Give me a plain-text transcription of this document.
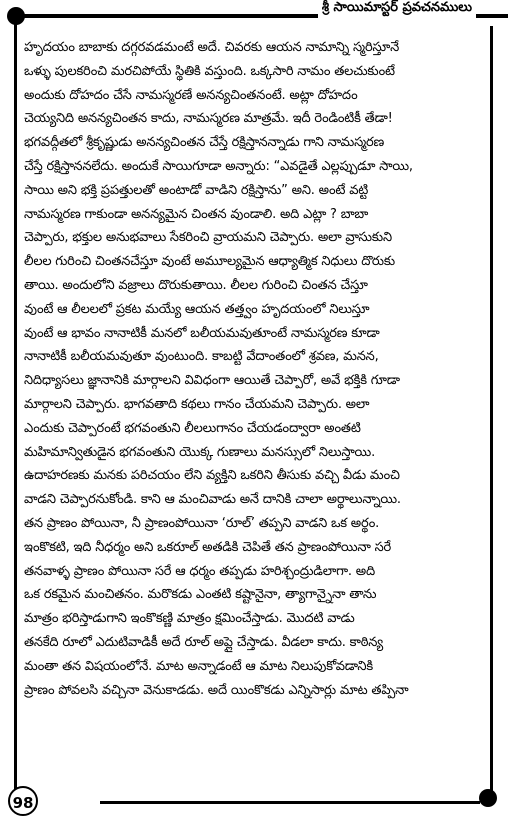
శ్రీ సాయిమాస్టర్ ప్రవచనములు
హృదయం బాబాకు దగ్గరవడమంటే అదే. చివరకు ఆయన నామాన్ని స్మరిస్తూనే
ఒళ్ళు పులకరించి మరచిపోయే స్థితికి వస్తుంది. ఒక్కసారి నామం తలచుకుంటే
అందుకు దోహదం చేసే నామస్మరణే అనన్యచింతనంటే. అట్లా దోహదం
చెయ్యనిది అనన్యచింతన కాదు, నామస్మరణ మాత్రమే. ఇదీ రెండింటికీ తేడా!
భగవద్గీతలో శ్రీకృష్ణుడు అనన్యచింతన చేస్తే రక్షిస్తానన్నాడు గాని నామస్మరణ
చేస్తే రక్షిస్తాననలేదు. అందుకే సాయిగూడా అన్నారు: “ఎవడైతే ఎల్లప్పుడూ సాయి,
సాయి అని భక్తి ప్రపత్తులతో అంటాడో వాడిని రక్షిస్తాను” అని. అంటే వట్టి
నామస్మరణ గాకుండా అనన్యమైన చింతన వుండాలి. అది ఎట్లా ? బాబా
చెప్పారు, భక్తుల అనుభవాలు సేకరించి వ్రాయమని చెప్పారు. అలా వ్రాసుకుని
లీలల గురించి చింతనచేస్తూ వుంటే అమూల్యమైన ఆధ్యాత్మిక నిధులు దొరుకు
తాయి. అందులోని వజ్రాలు దొరుకుతాయి. లీలల గురించి చింతన చేస్తూ
వుంటే ఆ లీలలలో ప్రకట మయ్యే ఆయన తత్త్వం హృదయంలో నిలుస్తూ
వుంటే ఆ భావం నానాటికీ మనలో బలీయమవుతూంటే నామస్మరణ కూడా
నానాటికీ బలీయమవుతూ వుంటుంది. కాబట్టి వేదాంతంలో శ్రవణ, మనన,
నిదిధ్యాసలు జ్ఞానానికి మార్గాలని వివిధంగా ఆయితే చెప్పారో, అవే భక్తికి గూడా
మార్గాలని చెప్పారు. భాగవతాది కథలు గానం చేయమని చెప్పారు. అలా
ఎందుకు చెప్పారంటే భగవంతుని లీలలుగానం చేయడంద్వారా అంతటి
మహిమాన్వితుడైన భగవంతుని యొక్క గుణాలు మనస్సులో నిలుస్తాయి.
ఉదాహరణకు మనకు పరిచయం లేని వ్యక్తిని ఒకరిని తీసుకు వచ్చి వీడు మంచి
వాడని చెప్పారనుకోండి. కాని ఆ మంచివాడు అనే దానికి చాలా అర్థాలున్నాయి.
తన ప్రాణం పోయినా, నీ ప్రాణంపోయినా ‘రూల్’ తప్పని వాడని ఒక అర్థం.
ఇంకొకటి, ఇది నీధర్మం అని ఒకరూల్ అతడికి చెపితే తన ప్రాణంపోయినా సరే
తనవాళ్ళ ప్రాణం పోయినా సరే ఆ ధర్మం తప్పడు హరిశ్చంద్రుడిలాగా. అది
ఒక రకమైన మంచితనం. మరొకడు ఎంతటి కష్టానైనా, త్యాగాన్నైనా తాను
మాత్రం భరిస్తాడుగాని ఇంకొకణ్ణి మాత్రం క్షమించేస్తాడు. మొదటి వాడు
తనకేది రూలో ఎదుటివాడికీ అదే రూల్ అప్లై చేస్తాడు. వీడలా కాదు. కాఠిన్య
మంతా తన విషయంలోనే. మాట అన్నాడంటే ఆ మాట నిలుపుకోవడానికి
ప్రాణం పోవలసి వచ్చినా వెనుకాడడు. అదే యింకొకడు ఎన్నిసార్లు మాట తప్పినా
98
